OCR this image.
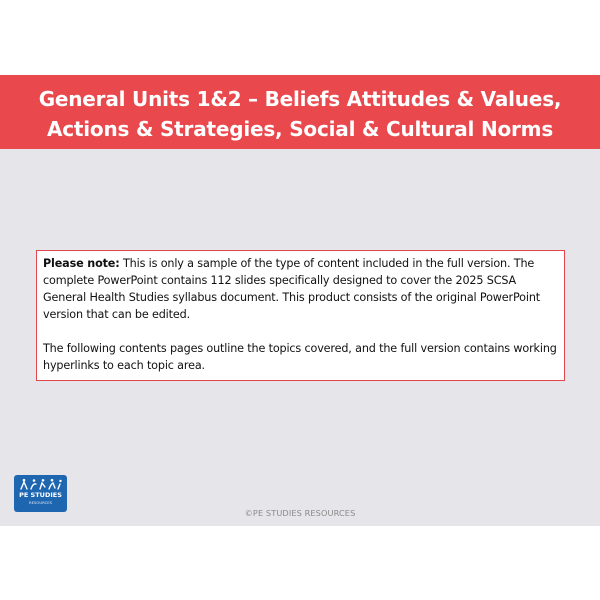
General Units 1&2 – Beliefs Attitudes & Values, Actions & Strategies, Social & Cultural Norms

Please note: This is only a sample of the type of content included in the full version. The complete PowerPoint contains 112 slides specifically designed to cover the 2025 SCSA General Health Studies syllabus document. This product consists of the original PowerPoint version that can be edited.

The following contents pages outline the topics covered, and the full version contains working hyperlinks to each topic area.

PE STUDIES
RESOURCES
©PE STUDIES RESOURCES
